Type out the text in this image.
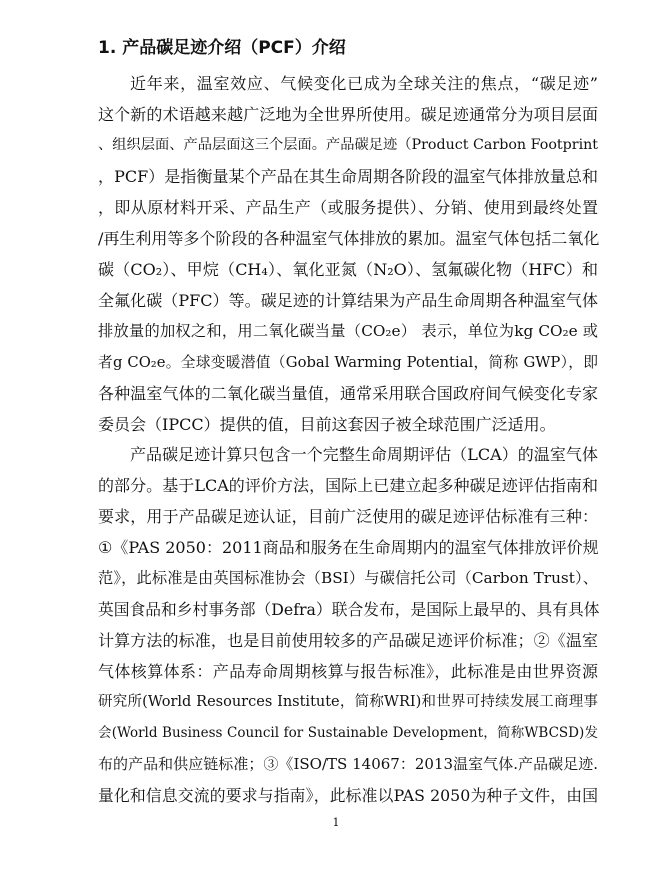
1. 产品碳足迹介绍（PCF）介绍
近年来，温室效应、气候变化已成为全球关注的焦点，“碳足迹”
这个新的术语越来越广泛地为全世界所使用。碳足迹通常分为项目层面
、组织层面、产品层面这三个层面。产品碳足迹（Product Carbon Footprint
，PCF）是指衡量某个产品在其生命周期各阶段的温室气体排放量总和
，即从原材料开采、产品生产（或服务提供）、分销、使用到最终处置
/再生利用等多个阶段的各种温室气体排放的累加。温室气体包括二氧化
碳（CO₂）、甲烷（CH₄）、氧化亚氮（N₂O）、氢氟碳化物（HFC）和
全氟化碳（PFC）等。碳足迹的计算结果为产品生命周期各种温室气体
排放量的加权之和，用二氧化碳当量（CO₂e） 表示，单位为kg CO₂e 或
者g CO₂e。全球变暖潜值（Gobal Warming Potential，简称 GWP），即
各种温室气体的二氧化碳当量值，通常采用联合国政府间气候变化专家
委员会（IPCC）提供的值，目前这套因子被全球范围广泛适用。
产品碳足迹计算只包含一个完整生命周期评估（LCA）的温室气体
的部分。基于LCA的评价方法，国际上已建立起多种碳足迹评估指南和
要求，用于产品碳足迹认证，目前广泛使用的碳足迹评估标准有三种：
①《PAS 2050：2011商品和服务在生命周期内的温室气体排放评价规
范》，此标准是由英国标准协会（BSI）与碳信托公司（Carbon Trust）、
英国食品和乡村事务部（Defra）联合发布，是国际上最早的、具有具体
计算方法的标准，也是目前使用较多的产品碳足迹评价标准；②《温室
气体核算体系：产品寿命周期核算与报告标准》，此标准是由世界资源
研究所(World Resources Institute，简称WRI)和世界可持续发展工商理事
会(World Business Council for Sustainable Development，简称WBCSD)发
布的产品和供应链标准；③《ISO/TS 14067：2013温室气体.产品碳足迹.
量化和信息交流的要求与指南》，此标准以PAS 2050为种子文件，由国
1
